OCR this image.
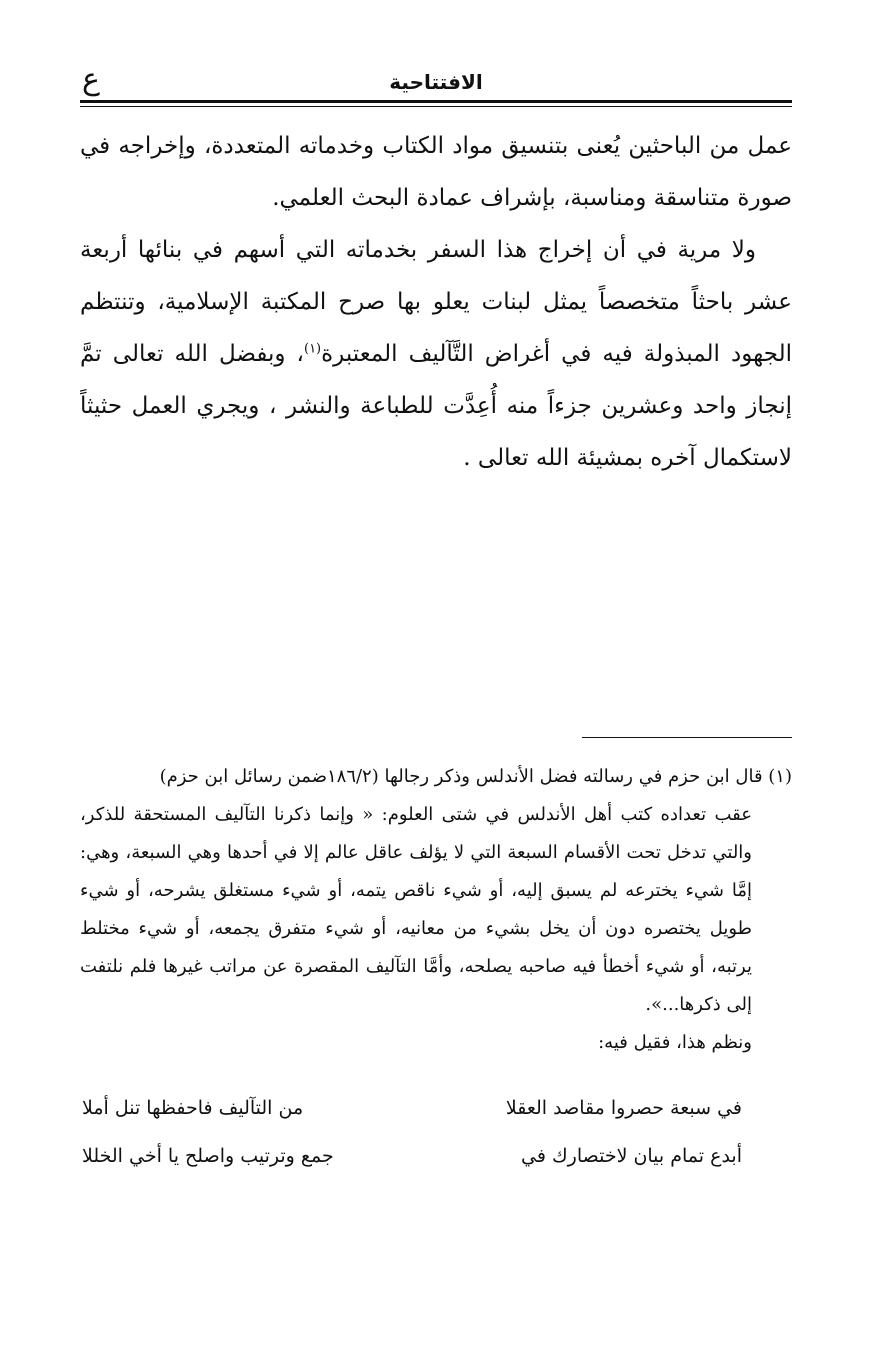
الافتتاحية
ع

عمل من الباحثين يُعنى بتنسيق مواد الكتاب وخدماته المتعددة، وإخراجه في صورة متناسقة ومناسبة، بإشراف عمادة البحث العلمي.

ولا مرية في أن إخراج هذا السفر بخدماته التي أسهم في بنائها أربعة عشر باحثاً متخصصاً يمثل لبنات يعلو بها صرح المكتبة الإسلامية، وتنتظم الجهود المبذولة فيه في أغراض التَّآليف المعتبرة$^{(١)}$، وبفضل الله تعالى تمَّ إنجاز واحد وعشرين جزءاً منه أُعِدَّت للطباعة والنشر ، ويجري العمل حثيثاً لاستكمال آخره بمشيئة الله تعالى .

(١) قال ابن حزم في رسالته فضل الأندلس وذكر رجالها (١٨٦/٢ضمن رسائل ابن حزم)

عقب تعداده كتب أهل الأندلس في شتى العلوم: « وإنما ذكرنا التآليف المستحقة للذكر، والتي تدخل تحت الأقسام السبعة التي لا يؤلف عاقل عالم إلا في أحدها وهي السبعة، وهي: إمَّا شيء يخترعه لم يسبق إليه، أو شيء ناقص يتمه، أو شيء مستغلق يشرحه، أو شيء طويل يختصره دون أن يخل بشيء من معانيه، أو شيء متفرق يجمعه، أو شيء مختلط يرتبه، أو شيء أخطأ فيه صاحبه يصلحه، وأمَّا التآليف المقصرة عن مراتب غيرها فلم نلتفت إلى ذكرها...».

ونظم هذا، فقيل فيه:

في سبعة حصروا مقاصد العقلا
من التآليف فاحفظها تنل أملا
أبدع تمام بيان لاختصارك في
جمع وترتيب واصلح يا أخي الخللا
